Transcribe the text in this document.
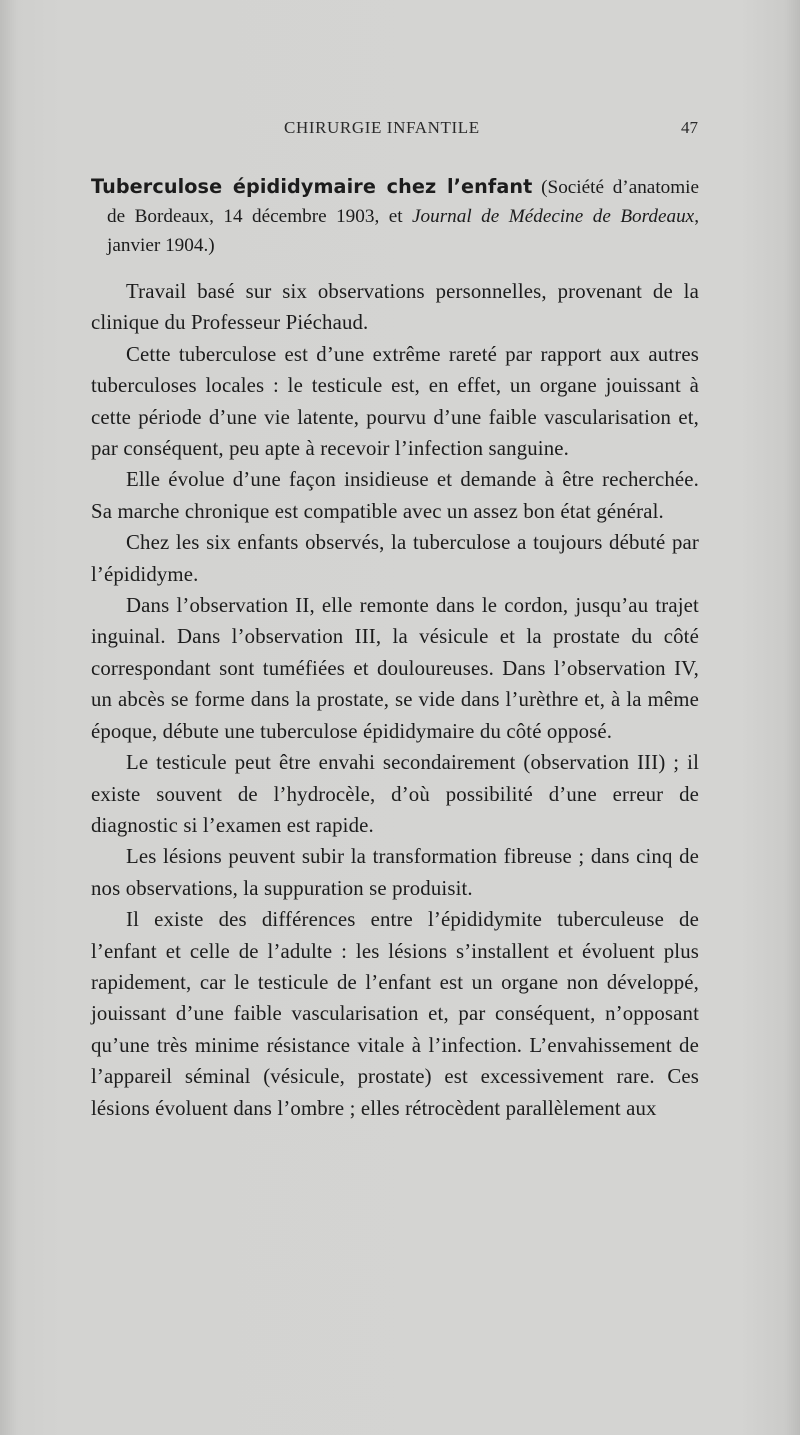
CHIRURGIE INFANTILE	47

Tuberculose épididymaire chez l’enfant (Société d’anatomie de Bordeaux, 14 décembre 1903, et Journal de Médecine de Bordeaux, janvier 1904.)

Travail basé sur six observations personnelles, provenant de la clinique du Professeur Piéchaud.

Cette tuberculose est d’une extrême rareté par rapport aux autres tuberculoses locales : le testicule est, en effet, un organe jouissant à cette période d’une vie latente, pourvu d’une faible vascularisation et, par conséquent, peu apte à recevoir l’infection sanguine.

Elle évolue d’une façon insidieuse et demande à être recherchée. Sa marche chronique est compatible avec un assez bon état général.

Chez les six enfants observés, la tuberculose a toujours débuté par l’épididyme.

Dans l’observation II, elle remonte dans le cordon, jusqu’au trajet inguinal. Dans l’observation III, la vésicule et la prostate du côté correspondant sont tuméfiées et douloureuses. Dans l’observation IV, un abcès se forme dans la prostate, se vide dans l’urèthre et, à la même époque, débute une tuberculose épididymaire du côté opposé.

Le testicule peut être envahi secondairement (observation III) ; il existe souvent de l’hydrocèle, d’où possibilité d’une erreur de diagnostic si l’examen est rapide.

Les lésions peuvent subir la transformation fibreuse ; dans cinq de nos observations, la suppuration se produisit.

Il existe des différences entre l’épididymite tuberculeuse de l’enfant et celle de l’adulte : les lésions s’installent et évoluent plus rapidement, car le testicule de l’enfant est un organe non développé, jouissant d’une faible vascularisation et, par conséquent, n’opposant qu’une très minime résistance vitale à l’infection. L’envahissement de l’appareil séminal (vésicule, prostate) est excessivement rare. Ces lésions évoluent dans l’ombre ; elles rétrocèdent parallèlement aux
